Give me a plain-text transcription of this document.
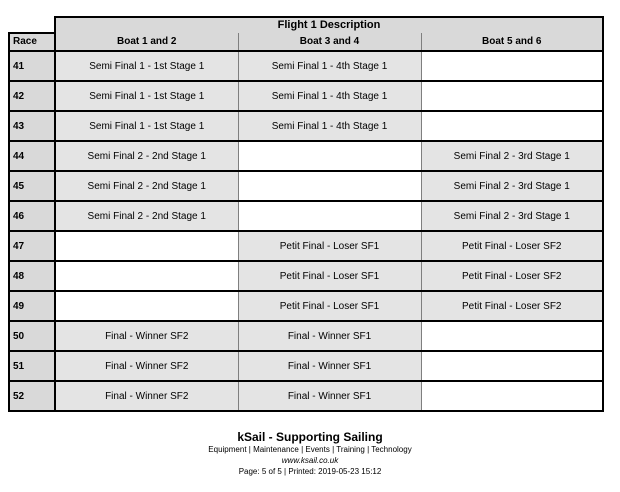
	Flight 1 Description		
Race	Boat 1 and 2	Boat 3 and 4	Boat 5 and 6
41	Semi Final 1 - 1st Stage 1	Semi Final 1 - 4th Stage 1	
42	Semi Final 1 - 1st Stage 1	Semi Final 1 - 4th Stage 1	
43	Semi Final 1 - 1st Stage 1	Semi Final 1 - 4th Stage 1	
44	Semi Final 2 - 2nd Stage 1		Semi Final 2 - 3rd Stage 1
45	Semi Final 2 - 2nd Stage 1		Semi Final 2 - 3rd Stage 1
46	Semi Final 2 - 2nd Stage 1		Semi Final 2 - 3rd Stage 1
47		Petit Final - Loser SF1	Petit Final - Loser SF2
48		Petit Final - Loser SF1	Petit Final - Loser SF2
49		Petit Final - Loser SF1	Petit Final - Loser SF2
50	Final - Winner SF2	Final - Winner SF1	
51	Final - Winner SF2	Final - Winner SF1	
52	Final - Winner SF2	Final - Winner SF1	
kSail - Supporting Sailing
Equipment | Maintenance | Events | Training | Technology
www.ksail.co.uk
Page: 5 of 5 | Printed: 2019-05-23 15:12
